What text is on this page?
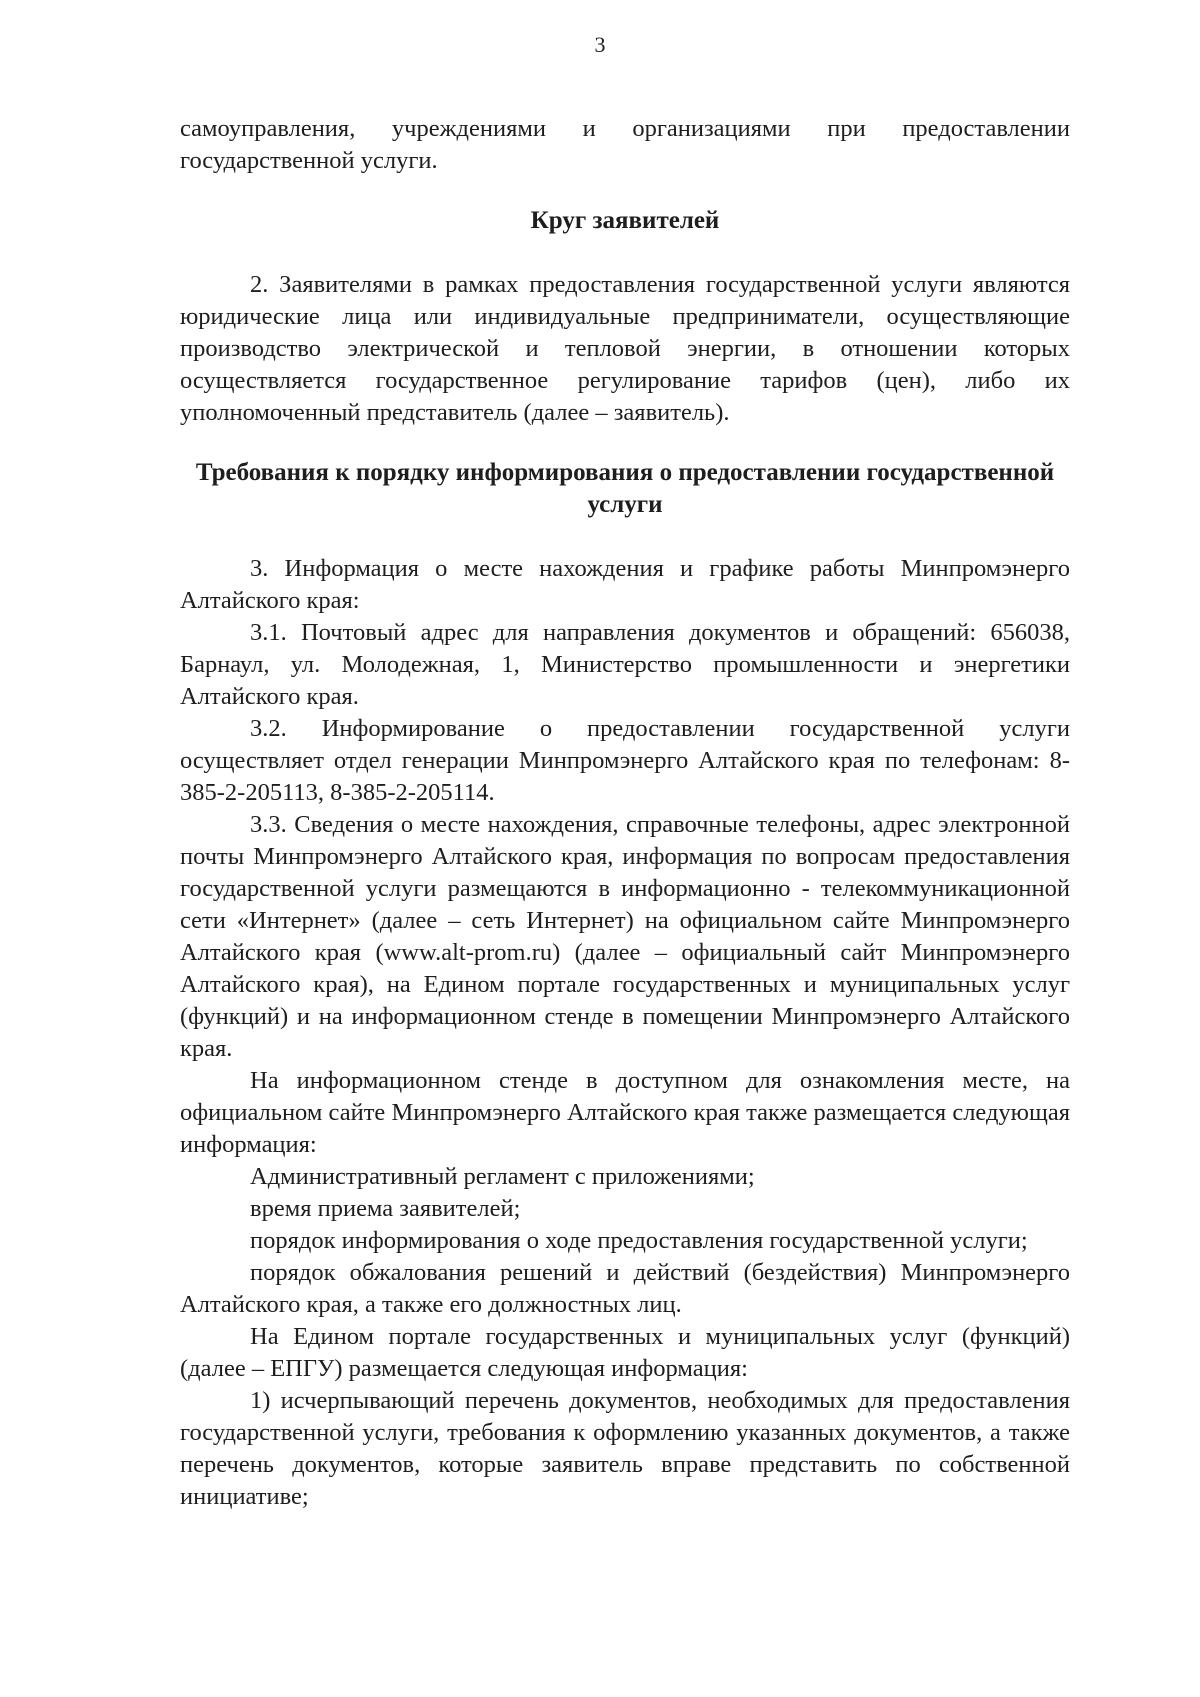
3

самоуправления, учреждениями и организациями при предоставлении государственной услуги.

Круг заявителей

2. Заявителями в рамках предоставления государственной услуги являются юридические лица или индивидуальные предприниматели, осуществляющие производство электрической и тепловой энергии, в отношении которых осуществляется государственное регулирование тарифов (цен), либо их уполномоченный представитель (далее – заявитель).

Требования к порядку информирования о предоставлении государственной услуги

3. Информация о месте нахождения и графике работы Минпромэнерго Алтайского края:

3.1. Почтовый адрес для направления документов и обращений: 656038, Барнаул, ул. Молодежная, 1, Министерство промышленности и энергетики Алтайского края.

3.2. Информирование о предоставлении государственной услуги осуществляет отдел генерации Минпромэнерго Алтайского края по телефонам: 8-385-2-205113, 8-385-2-205114.

3.3. Сведения о месте нахождения, справочные телефоны, адрес электронной почты Минпромэнерго Алтайского края, информация по вопросам предоставления государственной услуги размещаются в информационно - телекоммуникационной сети «Интернет» (далее – сеть Интернет) на официальном сайте Минпромэнерго Алтайского края (www.alt-prom.ru) (далее – официальный сайт Минпромэнерго Алтайского края), на Едином портале государственных и муниципальных услуг (функций) и на информационном стенде в помещении Минпромэнерго Алтайского края.

На информационном стенде в доступном для ознакомления месте, на официальном сайте Минпромэнерго Алтайского края также размещается следующая информация:

Административный регламент с приложениями;

время приема заявителей;

порядок информирования о ходе предоставления государственной услуги;

порядок обжалования решений и действий (бездействия) Минпромэнерго Алтайского края, а также его должностных лиц.

На Едином портале государственных и муниципальных услуг (функций) (далее – ЕПГУ) размещается следующая информация:

1) исчерпывающий перечень документов, необходимых для предоставления государственной услуги, требования к оформлению указанных документов, а также перечень документов, которые заявитель вправе представить по собственной инициативе;
